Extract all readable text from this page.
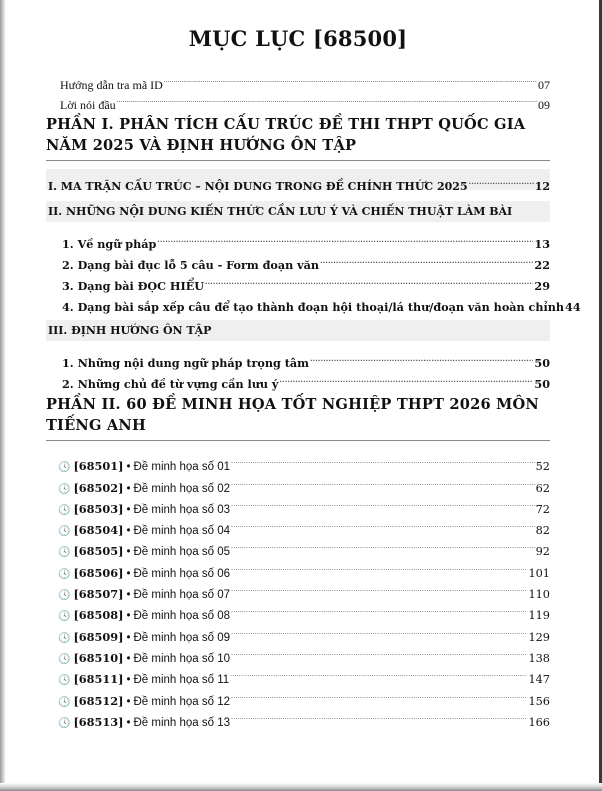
MỤC LỤC [68500]
Hướng dẫn tra mã ID .....	07
Lời nói đầu .....	09
PHẦN I. PHÂN TÍCH CẤU TRÚC ĐỀ THI THPT QUỐC GIA NĂM 2025 VÀ ĐỊNH HƯỚNG ÔN TẬP
I. MA TRẬN CẤU TRÚC – NỘI DUNG TRONG ĐỀ CHÍNH THỨC 2025 .....	12
II. NHỮNG NỘI DUNG KIẾN THỨC CẦN LƯU Ý VÀ CHIẾN THUẬT LÀM BÀI
1. Về ngữ pháp .....	13
2. Dạng bài đục lỗ 5 câu - Form đoạn văn .....	22
3. Dạng bài ĐỌC HIỂU .....	29
4. Dạng bài sắp xếp câu để tạo thành đoạn hội thoại/lá thư/đoạn văn hoàn chỉnh 44
III. ĐỊNH HƯỚNG ÔN TẬP
1. Những nội dung ngữ pháp trọng tâm .....	50
2. Những chủ đề từ vựng cần lưu ý .....	50
PHẦN II. 60 ĐỀ MINH HỌA TỐT NGHIỆP THPT 2026 MÔN TIẾNG ANH
🕓 [68501] • Đề minh họa số 01 .....	52
🕓 [68502] • Đề minh họa số 02 .....	62
🕓 [68503] • Đề minh họa số 03 .....	72
🕓 [68504] • Đề minh họa số 04 .....	82
🕓 [68505] • Đề minh họa số 05 .....	92
🕓 [68506] • Đề minh họa số 06 .....	101
🕓 [68507] • Đề minh họa số 07 .....	110
🕓 [68508] • Đề minh họa số 08 .....	119
🕓 [68509] • Đề minh họa số 09 .....	129
🕓 [68510] • Đề minh họa số 10 .....	138
🕓 [68511] • Đề minh họa số 11 .....	147
🕓 [68512] • Đề minh họa số 12 .....	156
🕓 [68513] • Đề minh họa số 13 .....	166
